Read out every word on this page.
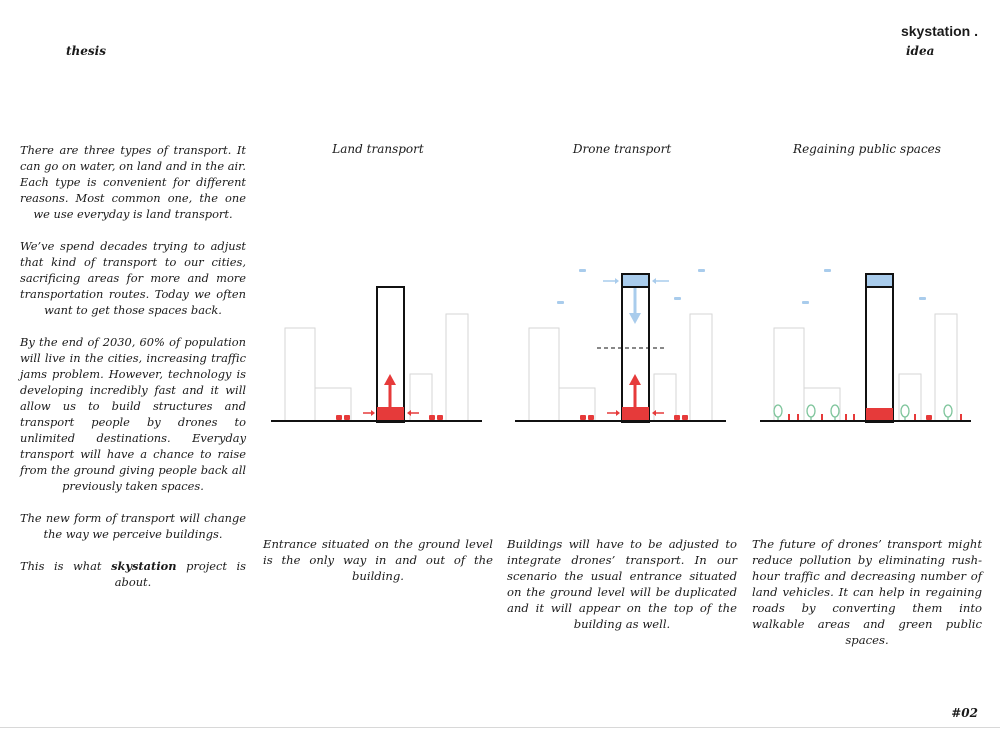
thesis
skystation .
idea

There are three types of transport. It can go on water, on land and in the air. Each type is convenient for different reasons. Most common one, the one we use everyday is land transport.

We’ve spend decades trying to adjust that kind of transport to our cities, sacrificing areas for more and more transportation routes. Today we often want to get those spaces back.

By the end of 2030, 60% of population will live in the cities, increasing traffic jams problem. However, technology is developing incredibly fast and it will allow us to build structures and transport people by drones to unlimited destinations. Everyday transport will have a chance to raise from the ground giving people back all previously taken spaces.

The new form of transport will change the way we perceive buildings.

This is what skystation project is about.

Land transport
Entrance situated on the ground level is the only way in and out of the building.
Drone transport
Buildings will have to be adjusted to integrate drones’ transport. In our scenario the usual entrance situated on the ground level will be duplicated and it will appear on the top of the building as well.
Regaining public spaces
The future of drones’ transport might reduce pollution by eliminating rush-hour traffic and decreasing number of land vehicles. It can help in regaining roads by converting them into walkable areas and green public spaces.
#02
